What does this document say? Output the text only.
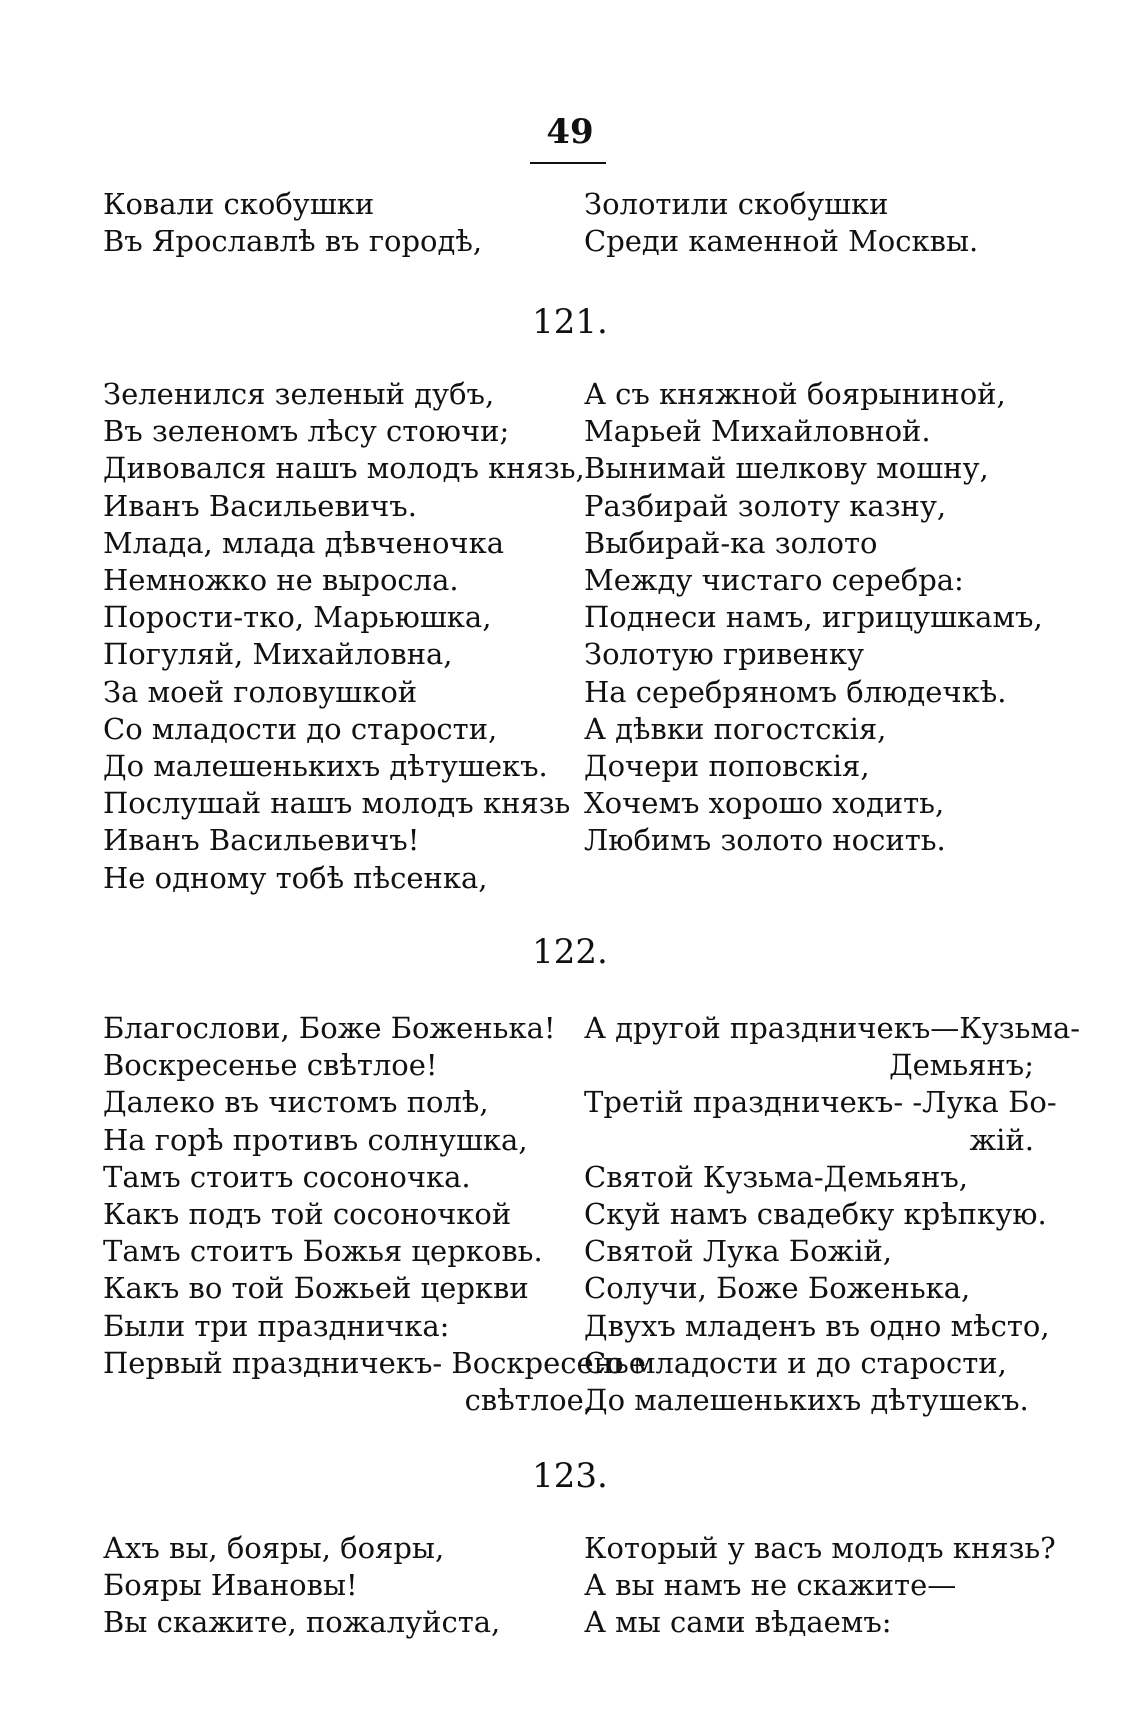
49
Ковали скобушки
Въ Ярославлѣ въ городѣ,
Золотили скобушки
Среди каменной Москвы.
121.
Зеленился зеленый дубъ,
Въ зеленомъ лѣсу стоючи;
Дивовался нашъ молодъ князь,
Иванъ Васильевичъ.
Млада, млада дѣвченочка
Немножко не выросла.
Порости-тко, Марьюшка,
Погуляй, Михайловна,
За моей головушкой
Со младости до старости,
До малешенькихъ дѣтушекъ.
Послушай нашъ молодъ князь
Иванъ Васильевичъ!
Не одному тобѣ пѣсенка,
А съ княжной боярыниной,
Марьей Михайловной.
Вынимай шелкову мошну,
Разбирай золоту казну,
Выбирай-ка золото
Между чистаго серебра:
Поднеси намъ, игрицушкамъ,
Золотую гривенку
На серебряномъ блюдечкѣ.
А дѣвки погостскія,
Дочери поповскія,
Хочемъ хорошо ходить,
Любимъ золото носить.
122.
Благослови, Боже Боженька!
Воскресенье свѣтлое!
Далеко въ чистомъ полѣ,
На горѣ противъ солнушка,
Тамъ стоитъ сосоночка.
Какъ подъ той сосоночкой
Тамъ стоитъ Божья церковь.
Какъ во той Божьей церкви
Были три праздничка:
Первый праздничекъ- Воскресенье
свѣтлое,
А другой праздничекъ—Кузьма-
Демьянъ;
Третій праздничекъ- -Лука Бо-
жій.
Святой Кузьма-Демьянъ,
Скуй намъ свадебку крѣпкую.
Святой Лука Божій,
Солучи, Боже Боженька,
Двухъ младенъ въ одно мѣсто,
Со младости и до старости,
До малешенькихъ дѣтушекъ.
123.
Ахъ вы, бояры, бояры,
Бояры Ивановы!
Вы скажите, пожалуйста,
Который у васъ молодъ князь?
А вы намъ не скажите—
А мы сами вѣдаемъ:
